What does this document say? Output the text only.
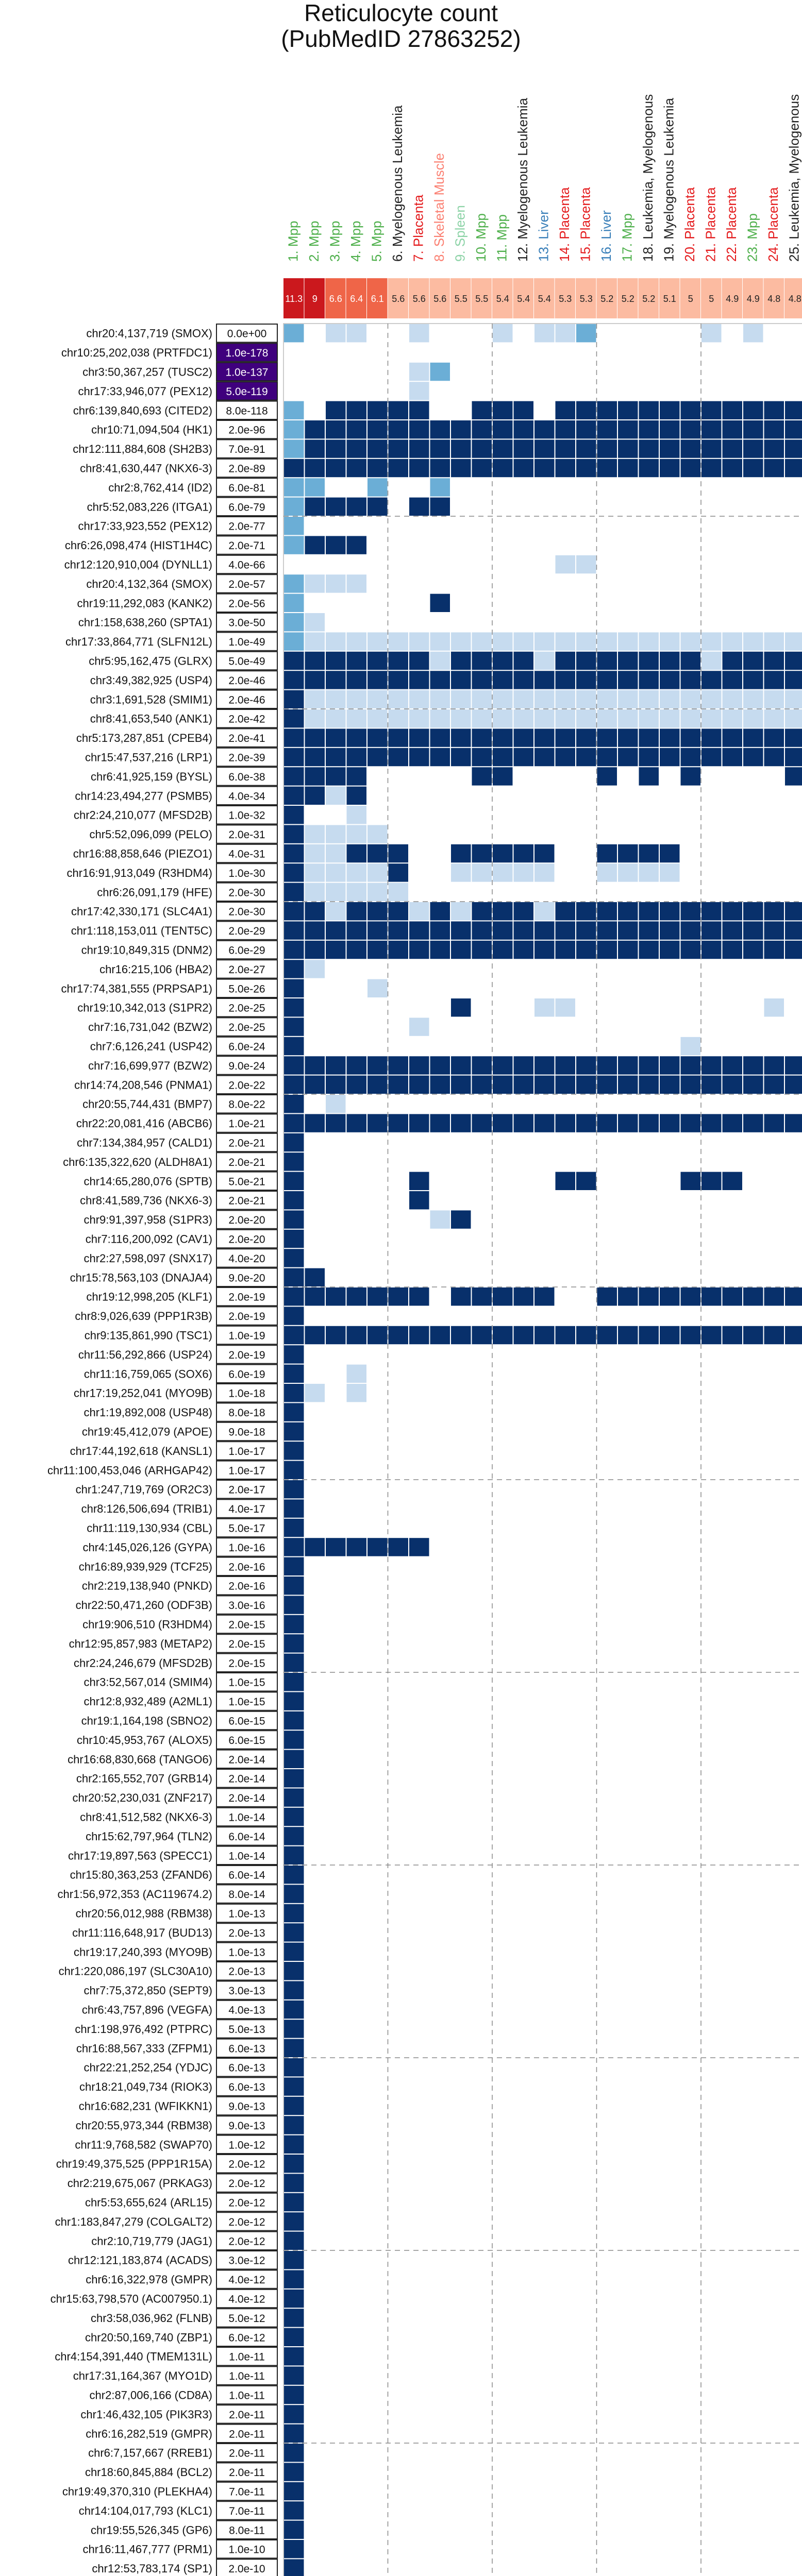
Reticulocyte count
(PubMedID 27863252)
1. Mpp
11.3
2. Mpp
9
3. Mpp
6.6
4. Mpp
6.4
5. Mpp
6.1
6. Myelogenous Leukemia
5.6
7. Placenta
5.6
8. Skeletal Muscle
5.6
9. Spleen
5.5
10. Mpp
5.5
11. Mpp
5.4
12. Myelogenous Leukemia
5.4
13. Liver
5.4
14. Placenta
5.3
15. Placenta
5.3
16. Liver
5.2
17. Mpp
5.2
18. Leukemia, Myelogenous
5.2
19. Myelogenous Leukemia
5.1
20. Placenta
5
21. Placenta
5
22. Placenta
4.9
23. Mpp
4.9
24. Placenta
4.8
25. Leukemia, Myelogenous
4.8
chr20:4,137,719 (SMOX) 0.0e+00
chr10:25,202,038 (PRTFDC1) 1.0e-178
chr3:50,367,257 (TUSC2) 1.0e-137
chr17:33,946,077 (PEX12) 5.0e-119
chr6:139,840,693 (CITED2) 8.0e-118
chr10:71,094,504 (HK1) 2.0e-96
chr12:111,884,608 (SH2B3) 7.0e-91
chr8:41,630,447 (NKX6-3) 2.0e-89
chr2:8,762,414 (ID2) 6.0e-81
chr5:52,083,226 (ITGA1) 6.0e-79
chr17:33,923,552 (PEX12) 2.0e-77
chr6:26,098,474 (HIST1H4C) 2.0e-71
chr12:120,910,004 (DYNLL1) 4.0e-66
chr20:4,132,364 (SMOX) 2.0e-57
chr19:11,292,083 (KANK2) 2.0e-56
chr1:158,638,260 (SPTA1) 3.0e-50
chr17:33,864,771 (SLFN12L) 1.0e-49
chr5:95,162,475 (GLRX) 5.0e-49
chr3:49,382,925 (USP4) 2.0e-46
chr3:1,691,528 (SMIM1) 2.0e-46
chr8:41,653,540 (ANK1) 2.0e-42
chr5:173,287,851 (CPEB4) 2.0e-41
chr15:47,537,216 (LRP1) 2.0e-39
chr6:41,925,159 (BYSL) 6.0e-38
chr14:23,494,277 (PSMB5) 4.0e-34
chr2:24,210,077 (MFSD2B) 1.0e-32
chr5:52,096,099 (PELO) 2.0e-31
chr16:88,858,646 (PIEZO1) 4.0e-31
chr16:91,913,049 (R3HDM4) 1.0e-30
chr6:26,091,179 (HFE) 2.0e-30
chr17:42,330,171 (SLC4A1) 2.0e-30
chr1:118,153,011 (TENT5C) 2.0e-29
chr19:10,849,315 (DNM2) 6.0e-29
chr16:215,106 (HBA2) 2.0e-27
chr17:74,381,555 (PRPSAP1) 5.0e-26
chr19:10,342,013 (S1PR2) 2.0e-25
chr7:16,731,042 (BZW2) 2.0e-25
chr7:6,126,241 (USP42) 6.0e-24
chr7:16,699,977 (BZW2) 9.0e-24
chr14:74,208,546 (PNMA1) 2.0e-22
chr20:55,744,431 (BMP7) 8.0e-22
chr22:20,081,416 (ABCB6) 1.0e-21
chr7:134,384,957 (CALD1) 2.0e-21
chr6:135,322,620 (ALDH8A1) 2.0e-21
chr14:65,280,076 (SPTB) 5.0e-21
chr8:41,589,736 (NKX6-3) 2.0e-21
chr9:91,397,958 (S1PR3) 2.0e-20
chr7:116,200,092 (CAV1) 2.0e-20
chr2:27,598,097 (SNX17) 4.0e-20
chr15:78,563,103 (DNAJA4) 9.0e-20
chr19:12,998,205 (KLF1) 2.0e-19
chr8:9,026,639 (PPP1R3B) 2.0e-19
chr9:135,861,990 (TSC1) 1.0e-19
chr11:56,292,866 (USP24) 2.0e-19
chr11:16,759,065 (SOX6) 6.0e-19
chr17:19,252,041 (MYO9B) 1.0e-18
chr1:19,892,008 (USP48) 8.0e-18
chr19:45,412,079 (APOE) 9.0e-18
chr17:44,192,618 (KANSL1) 1.0e-17
chr11:100,453,046 (ARHGAP42) 1.0e-17
chr1:247,719,769 (OR2C3) 2.0e-17
chr8:126,506,694 (TRIB1) 4.0e-17
chr11:119,130,934 (CBL) 5.0e-17
chr4:145,026,126 (GYPA) 1.0e-16
chr16:89,939,929 (TCF25) 2.0e-16
chr2:219,138,940 (PNKD) 2.0e-16
chr22:50,471,260 (ODF3B) 3.0e-16
chr19:906,510 (R3HDM4) 2.0e-15
chr12:95,857,983 (METAP2) 2.0e-15
chr2:24,246,679 (MFSD2B) 2.0e-15
chr3:52,567,014 (SMIM4) 1.0e-15
chr12:8,932,489 (A2ML1) 1.0e-15
chr19:1,164,198 (SBNO2) 6.0e-15
chr10:45,953,767 (ALOX5) 6.0e-15
chr16:68,830,668 (TANGO6) 2.0e-14
chr2:165,552,707 (GRB14) 2.0e-14
chr20:52,230,031 (ZNF217) 2.0e-14
chr8:41,512,582 (NKX6-3) 1.0e-14
chr15:62,797,964 (TLN2) 6.0e-14
chr17:19,897,563 (SPECC1) 1.0e-14
chr15:80,363,253 (ZFAND6) 6.0e-14
chr1:56,972,353 (AC119674.2) 8.0e-14
chr20:56,012,988 (RBM38) 1.0e-13
chr11:116,648,917 (BUD13) 2.0e-13
chr19:17,240,393 (MYO9B) 1.0e-13
chr1:220,086,197 (SLC30A10) 2.0e-13
chr7:75,372,850 (SEPT9) 3.0e-13
chr6:43,757,896 (VEGFA) 4.0e-13
chr1:198,976,492 (PTPRC) 5.0e-13
chr16:88,567,333 (ZFPM1) 6.0e-13
chr22:21,252,254 (YDJC) 6.0e-13
chr18:21,049,734 (RIOK3) 6.0e-13
chr16:682,231 (WFIKKN1) 9.0e-13
chr20:55,973,344 (RBM38) 9.0e-13
chr11:9,768,582 (SWAP70) 1.0e-12
chr19:49,375,525 (PPP1R15A) 2.0e-12
chr2:219,675,067 (PRKAG3) 2.0e-12
chr5:53,655,624 (ARL15) 2.0e-12
chr1:183,847,279 (COLGALT2) 2.0e-12
chr2:10,719,779 (JAG1) 2.0e-12
chr12:121,183,874 (ACADS) 3.0e-12
chr6:16,322,978 (GMPR) 4.0e-12
chr15:63,798,570 (AC007950.1) 4.0e-12
chr3:58,036,962 (FLNB) 5.0e-12
chr20:50,169,740 (ZBP1) 6.0e-12
chr4:154,391,440 (TMEM131L) 1.0e-11
chr17:31,164,367 (MYO1D) 1.0e-11
chr2:87,006,166 (CD8A) 1.0e-11
chr1:46,432,105 (PIK3R3) 2.0e-11
chr6:16,282,519 (GMPR) 2.0e-11
chr6:7,157,667 (RREB1) 2.0e-11
chr18:60,845,884 (BCL2) 2.0e-11
chr19:49,370,310 (PLEKHA4) 7.0e-11
chr14:104,017,793 (KLC1) 7.0e-11
chr19:55,526,345 (GP6) 8.0e-11
chr16:11,467,777 (PRM1) 1.0e-10
chr12:53,783,174 (SP1) 2.0e-10
